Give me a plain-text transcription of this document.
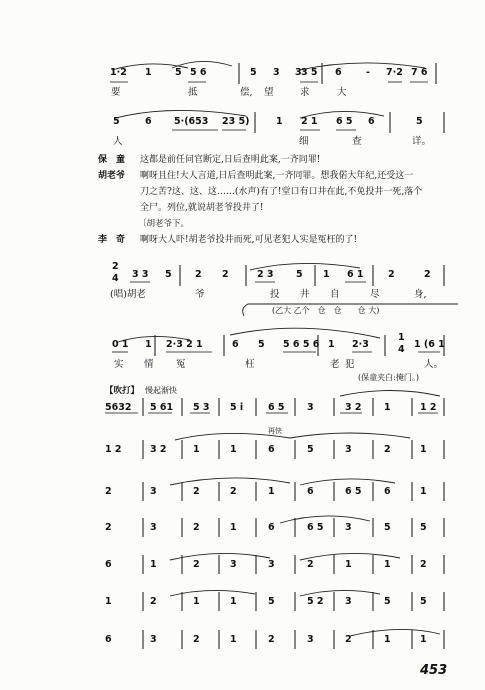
1·2 1 5 5 6	5 3 3 3 5 6	- 7·2 7 6
要	抵	偿, 望	求	大
5	6 5·(653 23 5)	1 2 1 6 5 6	5
人	细	查	详。
保　童 这都是前任问官断定,日后查明此案,一齐同罪!
胡老爷 啊呀且住!大人言道,日后查明此案,一齐同罪。想我偌大年纪,还受这一
刀之苦?这、这、这……(水声)有了!堂口有口井在此,不免投井一死,落个
全尸。列位,就说胡老爷投井了!
〔胡老爷下。
李　奇 啊呀大人吓!胡老爷投井而死,可见老犯人实是冤枉的了!
2
4 3 3 5 2 2	2 3 5 1 6 1	2	2
(唱)胡老	爷	投 井 自	尽	身,
(乙大 乙个　仓　仓　　仓 大)
0 1 1 2·3 2 1	6 5 5 6 5 6 1 2·3
1
4 1 (6 1
实 情 冤	枉	老 犯	人。
(保童夹白:掩门。)
【吹打】 慢起渐快
再快
5632 5 61 5 3 5 i	6 5 3	3 2 1	1 2
1 2	3 2	1	1	6	5	3	2	1
2	3	2	2	1	6	6 5 6	1
2	3	2	1	6	6 5 3	5	5
6	1	2	3	3	2	1	1	2
1	2	1	1	5	5 2 3	5	5
6	3	2	1	2	3	2	1	1
453
